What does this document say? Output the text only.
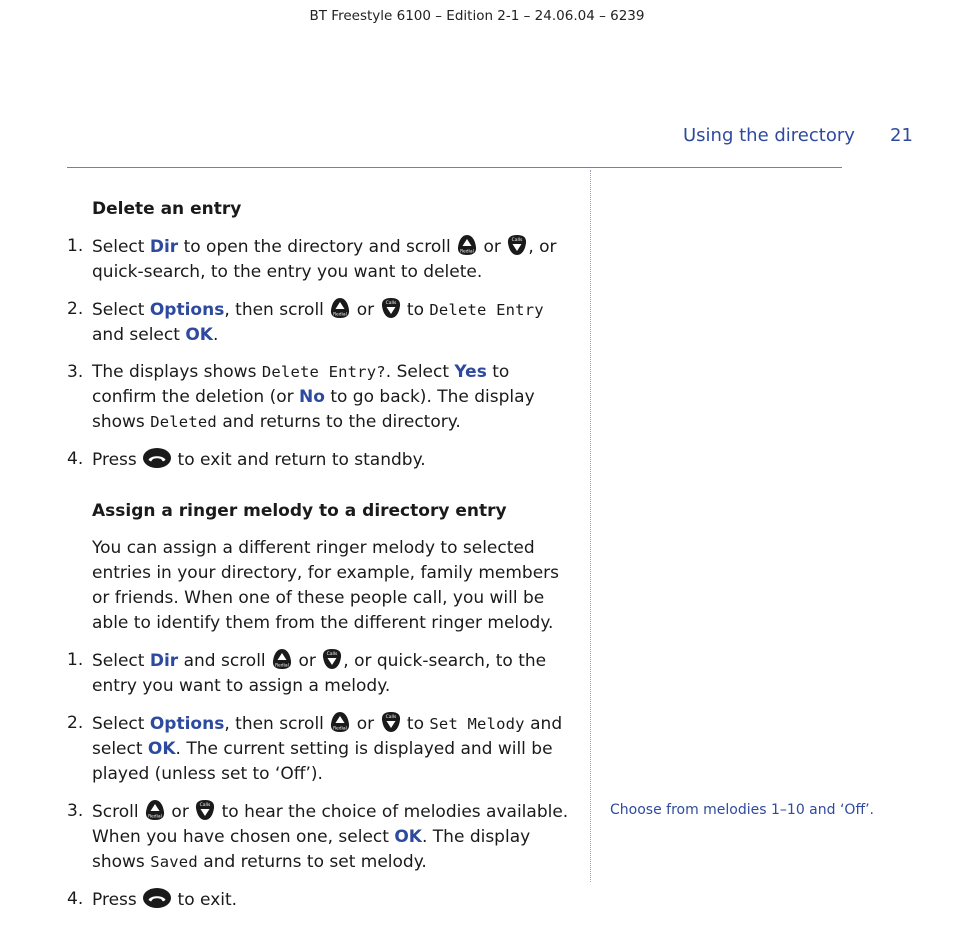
BT Freestyle 6100 – Edition 2-1 – 24.06.04 – 6239
Using the directory 21
Delete an entry
1. Select Dir to open the directory and scroll  or , or quick-search, to the entry you want to delete.
2. Select Options, then scroll  or  to Delete Entry and select OK.
3. The displays shows Delete Entry?. Select Yes to confirm the deletion (or No to go back). The display shows Deleted and returns to the directory.
4. Press  to exit and return to standby.
Assign a ringer melody to a directory entry

You can assign a different ringer melody to selected entries in your directory, for example, family members or friends. When one of these people call, you will be able to identify them from the different ringer melody.

1. Select Dir and scroll  or , or quick-search, to the entry you want to assign a melody.
2. Select Options, then scroll  or  to Set Melody and select OK. The current setting is displayed and will be played (unless set to ‘Off’).
3. Scroll  or  to hear the choice of melodies available. When you have chosen one, select OK. The display shows Saved and returns to set melody.
4. Press  to exit.
Choose from melodies 1–10 and ‘Off’.
